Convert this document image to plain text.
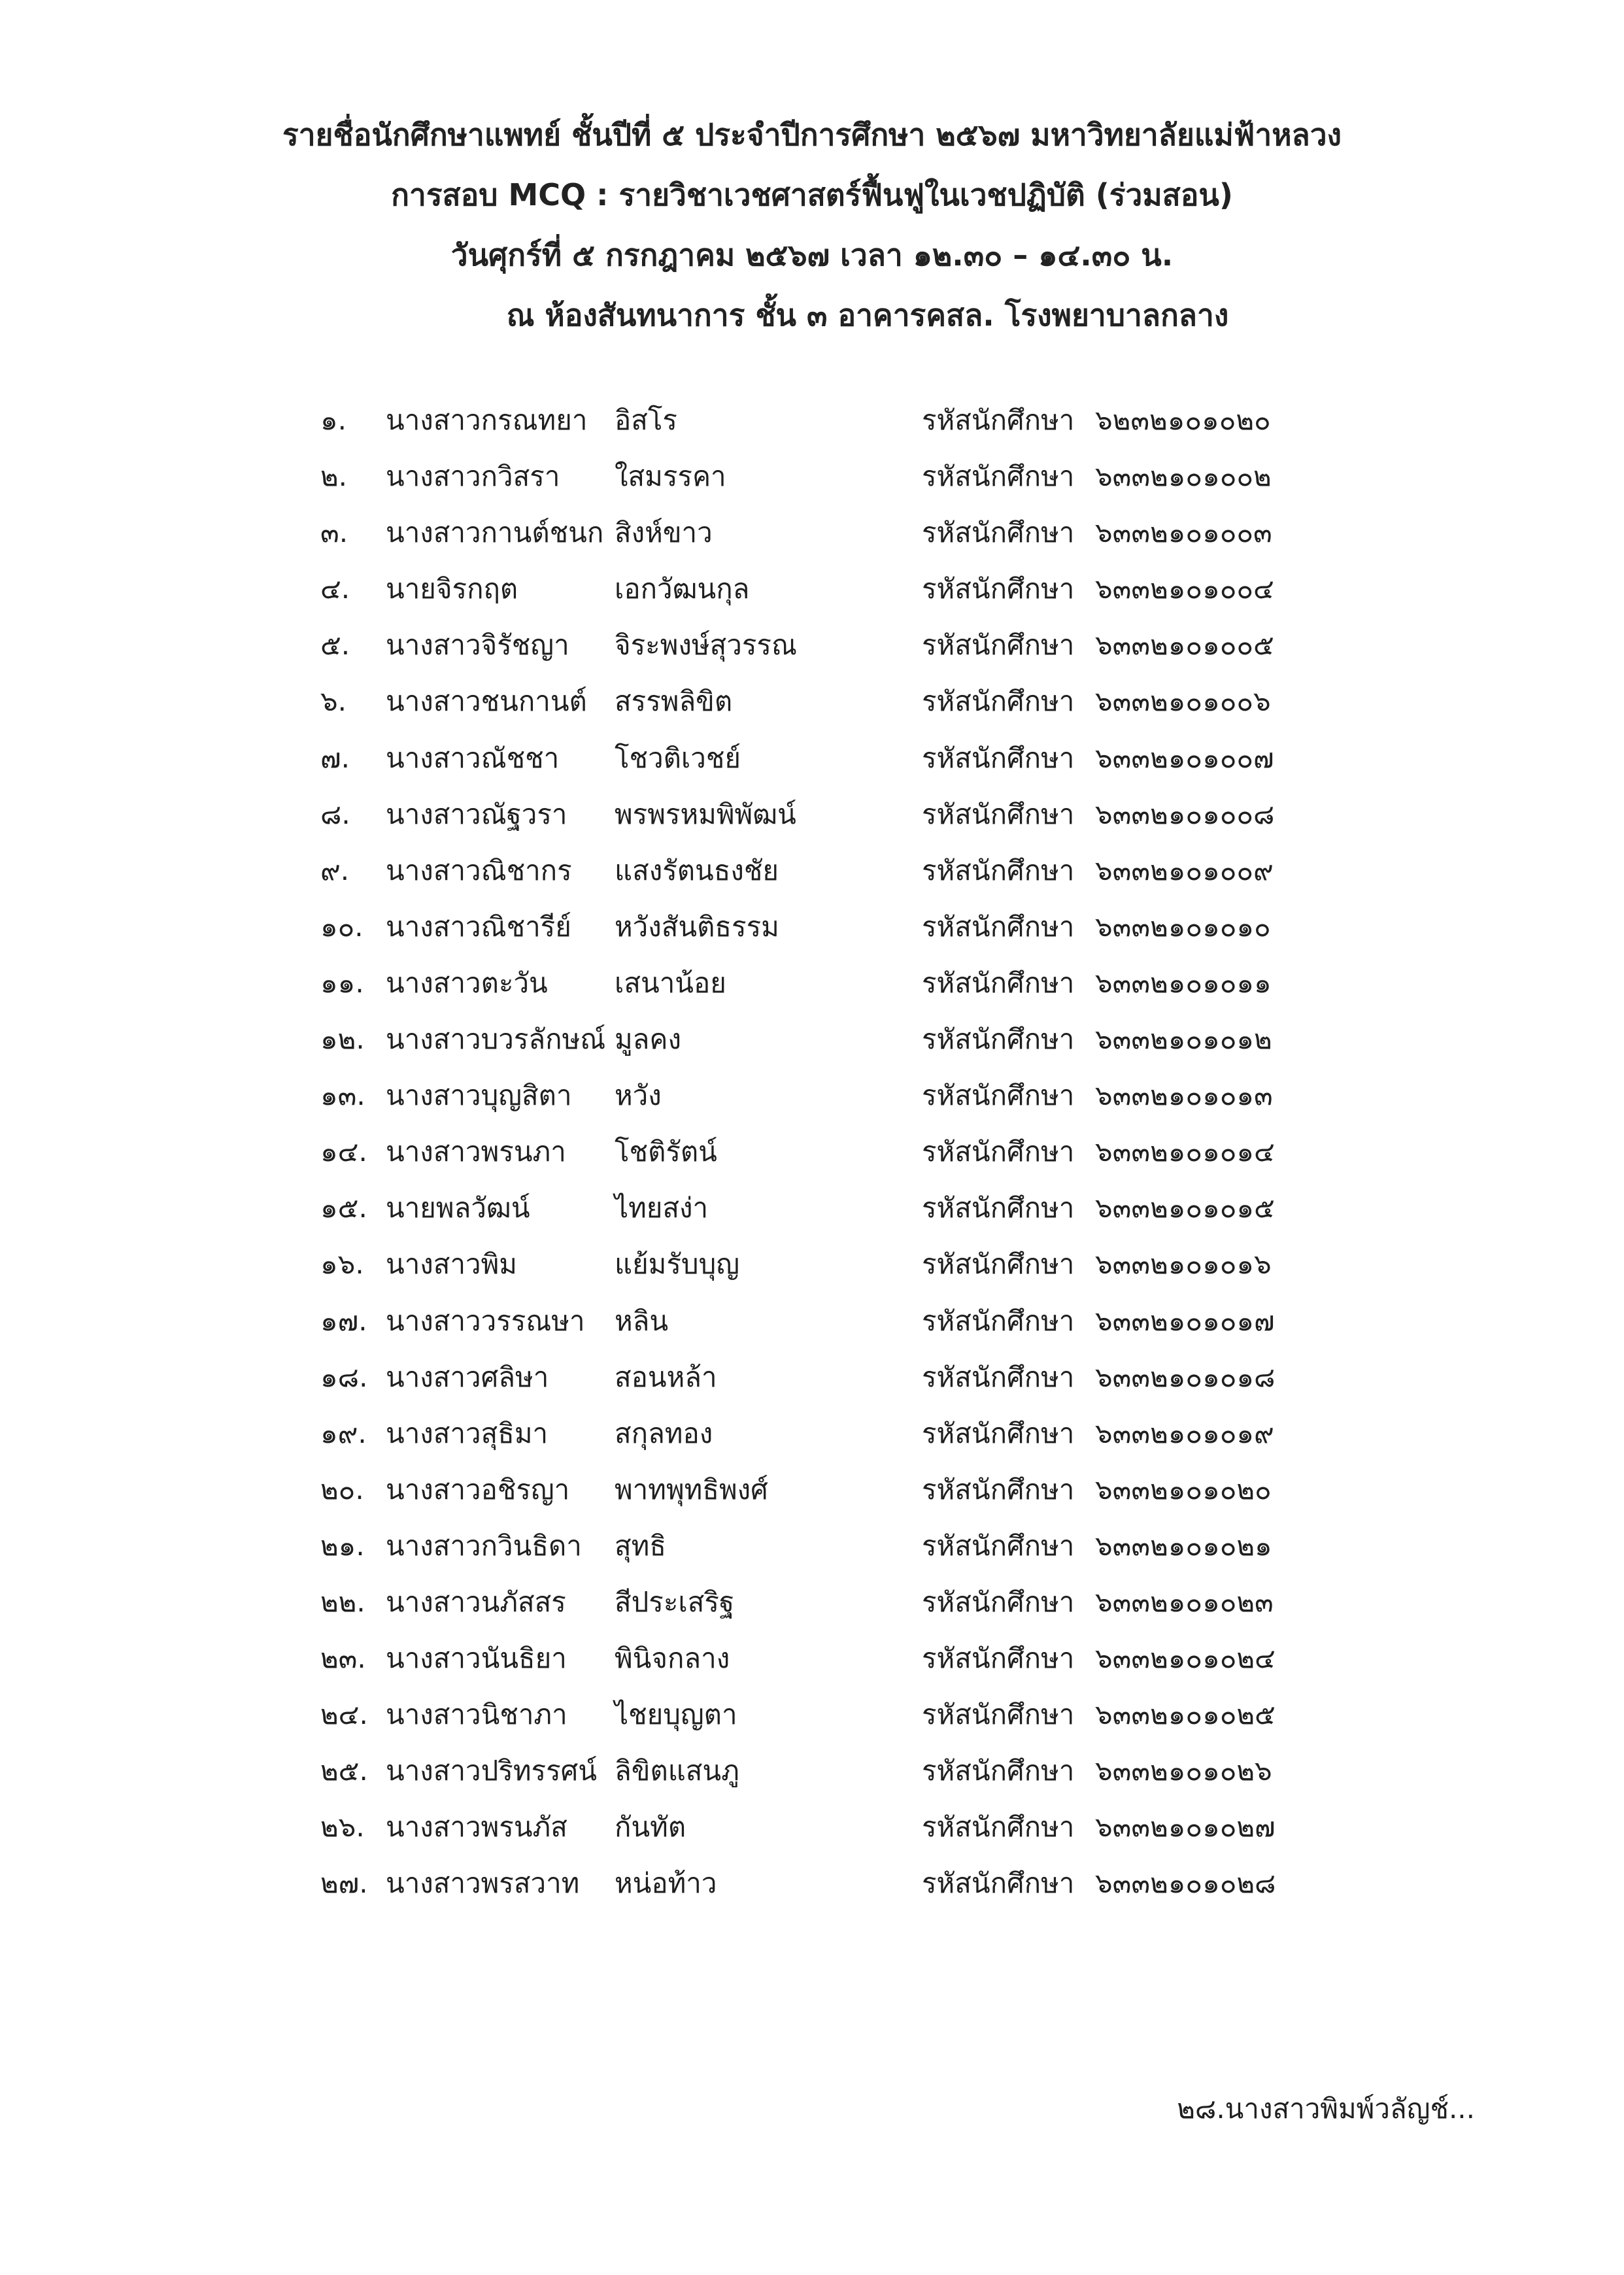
รายชื่อนักศึกษาแพทย์ ชั้นปีที่ ๕ ประจำปีการศึกษา ๒๕๖๗ มหาวิทยาลัยแม่ฟ้าหลวง
การสอบ MCQ : รายวิชาเวชศาสตร์ฟื้นฟูในเวชปฏิบัติ (ร่วมสอน)
วันศุกร์ที่ ๕ กรกฎาคม ๒๕๖๗ เวลา ๑๒.๓๐ – ๑๔.๓๐ น.
ณ ห้องสันทนาการ ชั้น ๓ อาคารคสล. โรงพยาบาลกลาง
๑.	นางสาวกรณทยา อิสโร	รหัสนักศึกษา ๖๒๓๒๑๐๑๐๒๐
๒.	นางสาวกวิสรา	ใสมรรคา	รหัสนักศึกษา ๖๓๓๒๑๐๑๐๐๒
๓.	นางสาวกานต์ชนก สิงห์ขาว	รหัสนักศึกษา ๖๓๓๒๑๐๑๐๐๓
๔.	นายจิรกฤต	เอกวัฒนกุล	รหัสนักศึกษา ๖๓๓๒๑๐๑๐๐๔
๕.	นางสาวจิรัชญา	จิระพงษ์สุวรรณ	รหัสนักศึกษา ๖๓๓๒๑๐๑๐๐๕
๖.	นางสาวชนกานต์	สรรพลิขิต	รหัสนักศึกษา ๖๓๓๒๑๐๑๐๐๖
๗.	นางสาวณัชชา	โชวติเวชย์	รหัสนักศึกษา ๖๓๓๒๑๐๑๐๐๗
๘.	นางสาวณัฐวรา	พรพรหมพิพัฒน์	รหัสนักศึกษา ๖๓๓๒๑๐๑๐๐๘
๙.	นางสาวณิชากร	แสงรัตนธงชัย	รหัสนักศึกษา ๖๓๓๒๑๐๑๐๐๙
๑๐. นางสาวณิชารีย์	หวังสันติธรรม	รหัสนักศึกษา ๖๓๓๒๑๐๑๐๑๐
๑๑. นางสาวตะวัน	เสนาน้อย	รหัสนักศึกษา ๖๓๓๒๑๐๑๐๑๑
๑๒. นางสาวบวรลักษณ์ มูลคง	รหัสนักศึกษา ๖๓๓๒๑๐๑๐๑๒
๑๓. นางสาวบุญสิตา	หวัง	รหัสนักศึกษา ๖๓๓๒๑๐๑๐๑๓
๑๔. นางสาวพรนภา	โชติรัตน์	รหัสนักศึกษา ๖๓๓๒๑๐๑๐๑๔
๑๕. นายพลวัฒน์	ไทยสง่า	รหัสนักศึกษา ๖๓๓๒๑๐๑๐๑๕
๑๖. นางสาวพิม	แย้มรับบุญ	รหัสนักศึกษา ๖๓๓๒๑๐๑๐๑๖
๑๗. นางสาววรรณษา	หลิน	รหัสนักศึกษา ๖๓๓๒๑๐๑๐๑๗
๑๘. นางสาวศลิษา	สอนหล้า	รหัสนักศึกษา ๖๓๓๒๑๐๑๐๑๘
๑๙. นางสาวสุธิมา	สกุลทอง	รหัสนักศึกษา ๖๓๓๒๑๐๑๐๑๙
๒๐. นางสาวอชิรญา	พาทพุทธิพงศ์	รหัสนักศึกษา ๖๓๓๒๑๐๑๐๒๐
๒๑. นางสาวกวินธิดา	สุทธิ	รหัสนักศึกษา ๖๓๓๒๑๐๑๐๒๑
๒๒. นางสาวนภัสสร	สีประเสริฐ	รหัสนักศึกษา ๖๓๓๒๑๐๑๐๒๓
๒๓. นางสาวนันธิยา	พินิจกลาง	รหัสนักศึกษา ๖๓๓๒๑๐๑๐๒๔
๒๔. นางสาวนิชาภา	ไชยบุญตา	รหัสนักศึกษา ๖๓๓๒๑๐๑๐๒๕
๒๕. นางสาวปริทรรศน์ ลิขิตแสนภู	รหัสนักศึกษา ๖๓๓๒๑๐๑๐๒๖
๒๖. นางสาวพรนภัส	กันทัต	รหัสนักศึกษา ๖๓๓๒๑๐๑๐๒๗
๒๗. นางสาวพรสวาท	หน่อท้าว	รหัสนักศึกษา ๖๓๓๒๑๐๑๐๒๘
๒๘.นางสาวพิมพ์วลัญช์...
